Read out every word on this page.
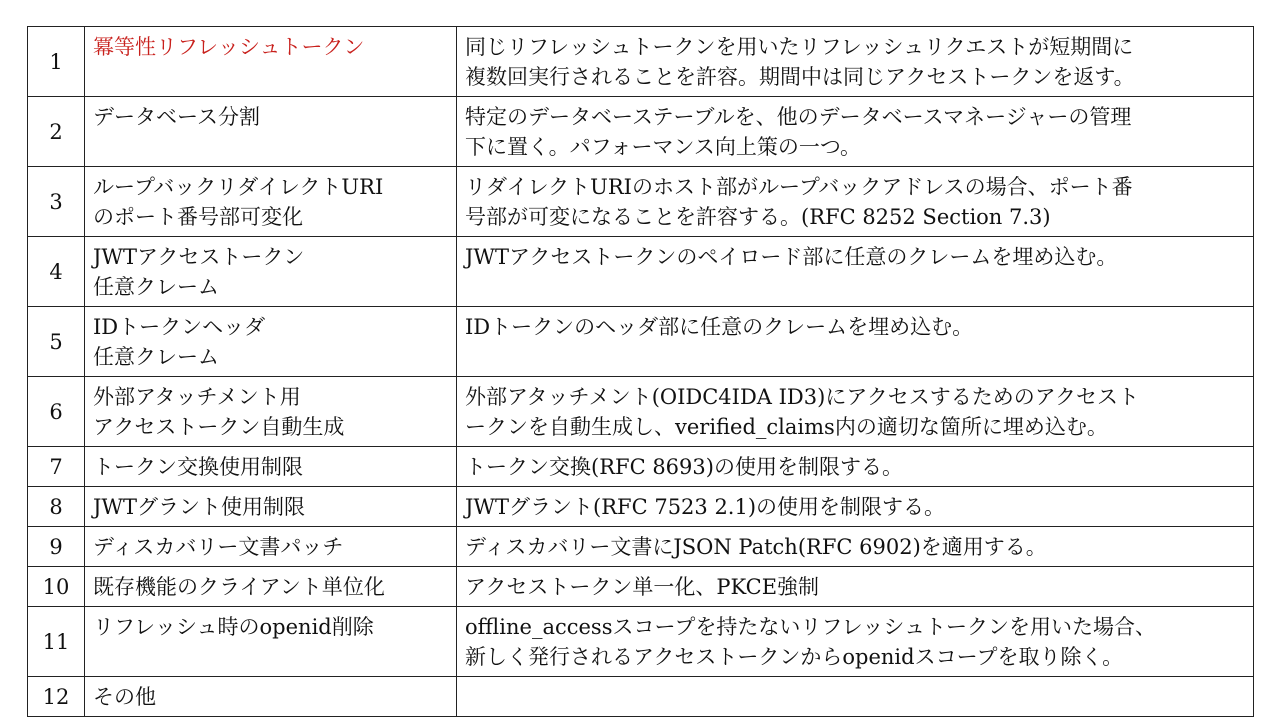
1	冪等性リフレッシュトークン	同じリフレッシュトークンを用いたリフレッシュリクエストが短期間に
複数回実行されることを許容。期間中は同じアクセストークンを返す。
2	データベース分割	特定のデータベーステーブルを、他のデータベースマネージャーの管理
下に置く。パフォーマンス向上策の一つ。
3	ループバックリダイレクトURI
のポート番号部可変化	リダイレクトURIのホスト部がループバックアドレスの場合、ポート番
号部が可変になることを許容する。(RFC 8252 Section 7.3)
4	JWTアクセストークン
任意クレーム	JWTアクセストークンのペイロード部に任意のクレームを埋め込む。
5	IDトークンヘッダ
任意クレーム	IDトークンのヘッダ部に任意のクレームを埋め込む。
6	外部アタッチメント用
アクセストークン自動生成	外部アタッチメント(OIDC4IDA ID3)にアクセスするためのアクセスト
ークンを自動生成し、verified_claims内の適切な箇所に埋め込む。
7	トークン交換使用制限	トークン交換(RFC 8693)の使用を制限する。
8	JWTグラント使用制限	JWTグラント(RFC 7523 2.1)の使用を制限する。
9	ディスカバリー文書パッチ	ディスカバリー文書にJSON Patch(RFC 6902)を適用する。
10	既存機能のクライアント単位化	アクセストークン単一化、PKCE強制
11	リフレッシュ時のopenid削除	offline_accessスコープを持たないリフレッシュトークンを用いた場合、
新しく発行されるアクセストークンからopenidスコープを取り除く。
12	その他	
